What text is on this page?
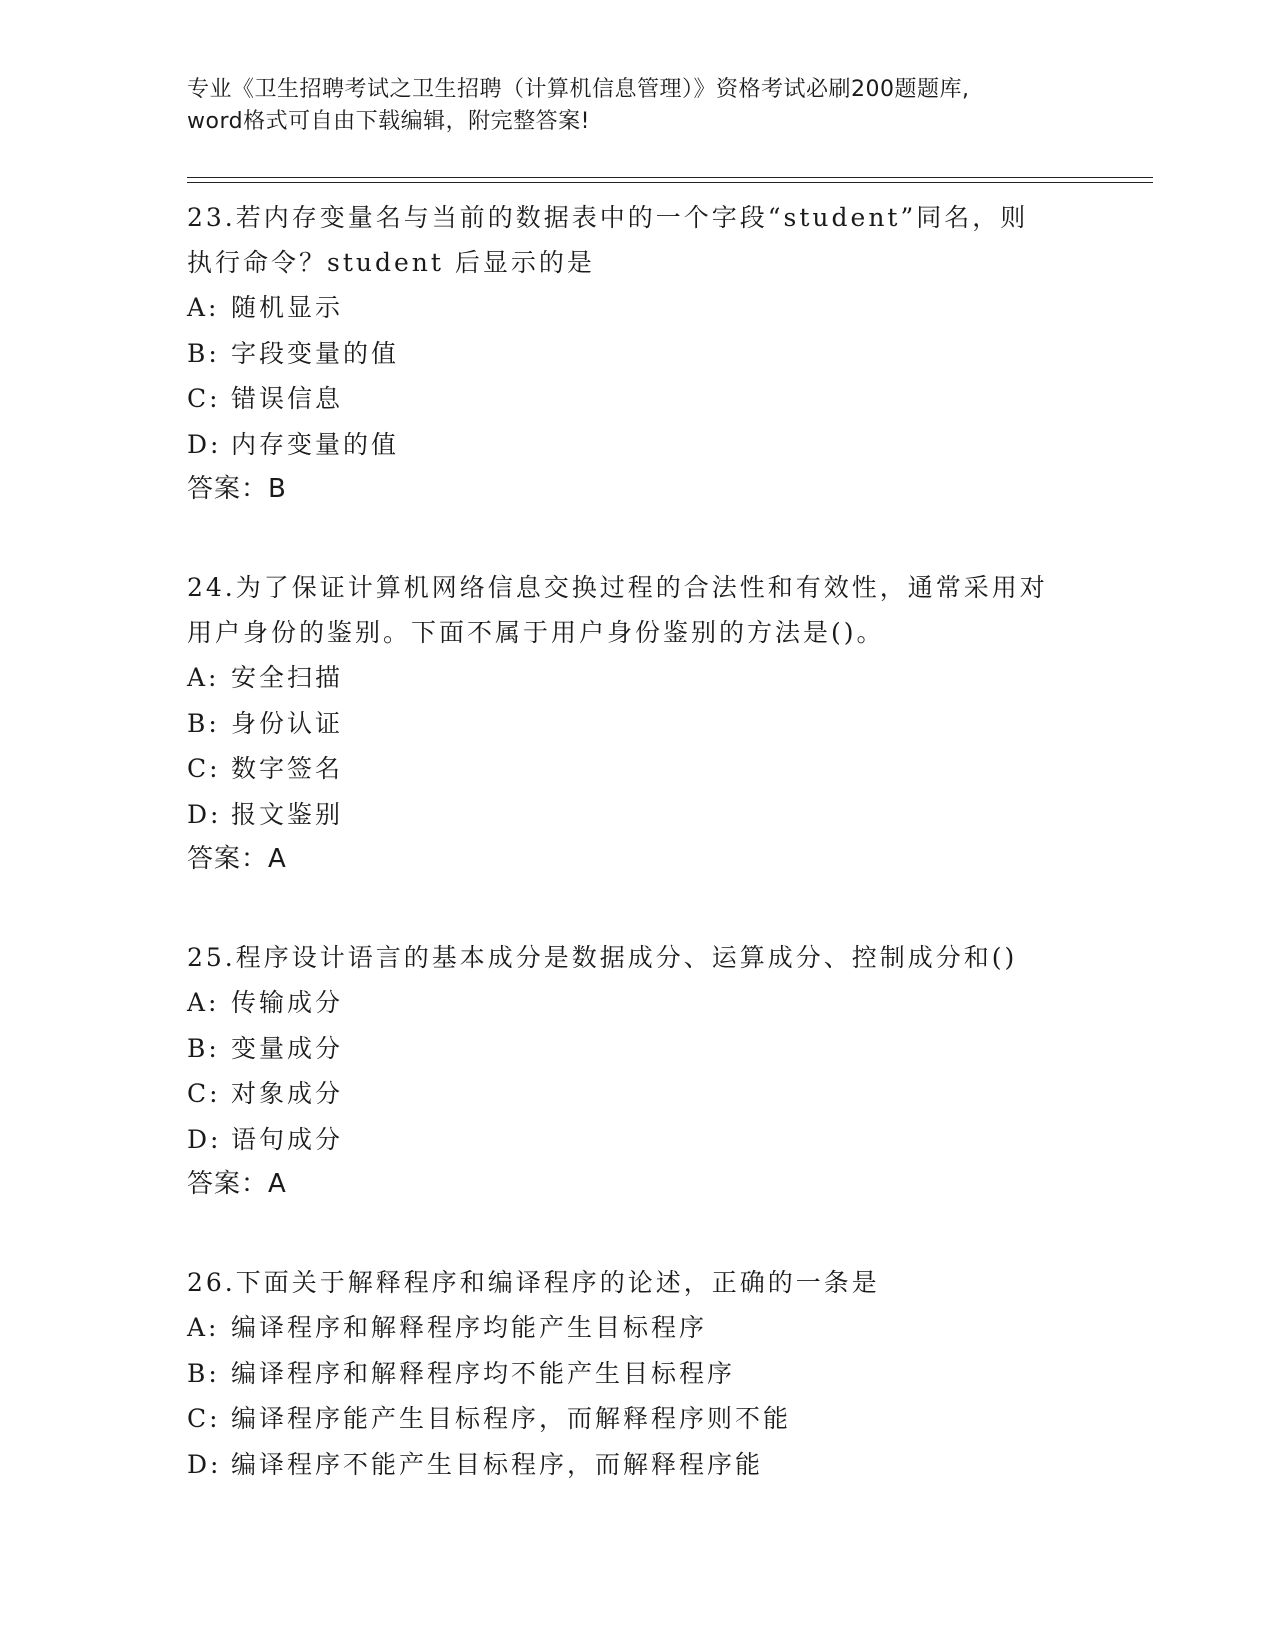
专业《卫生招聘考试之卫生招聘（计算机信息管理）》资格考试必刷200题题库,
word格式可自由下载编辑，附完整答案!
23.若内存变量名与当前的数据表中的一个字段“student”同名，则
执行命令？student 后显示的是
A: 随机显示
B: 字段变量的值
C: 错误信息
D: 内存变量的值
答案：B
24.为了保证计算机网络信息交换过程的合法性和有效性，通常采用对
用户身份的鉴别。下面不属于用户身份鉴别的方法是()。
A: 安全扫描
B: 身份认证
C: 数字签名
D: 报文鉴别
答案：A
25.程序设计语言的基本成分是数据成分、运算成分、控制成分和()
A: 传输成分
B: 变量成分
C: 对象成分
D: 语句成分
答案：A
26.下面关于解释程序和编译程序的论述，正确的一条是
A: 编译程序和解释程序均能产生目标程序
B: 编译程序和解释程序均不能产生目标程序
C: 编译程序能产生目标程序，而解释程序则不能
D: 编译程序不能产生目标程序，而解释程序能
